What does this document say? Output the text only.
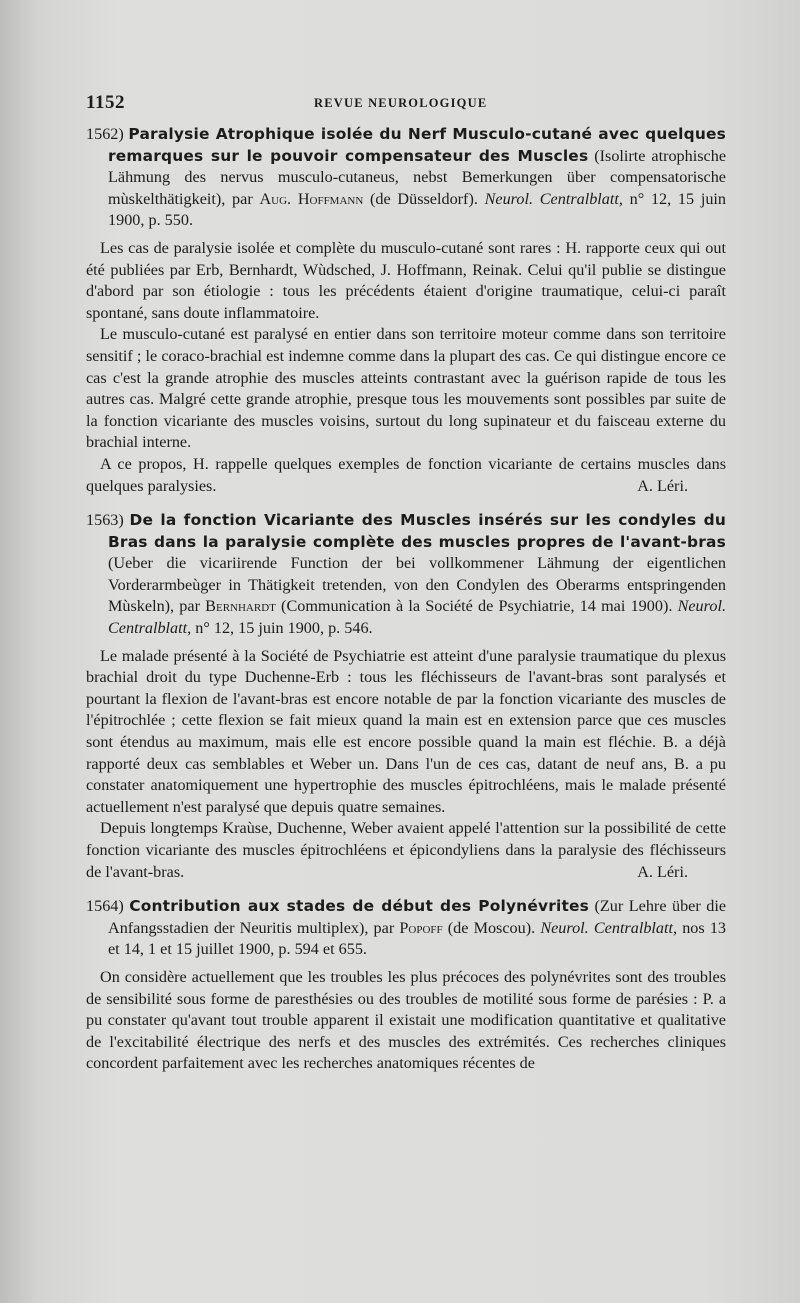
1152	REVUE NEUROLOGIQUE

1562) Paralysie Atrophique isolée du Nerf Musculo-cutané avec quelques remarques sur le pouvoir compensateur des Muscles (Isolirte atrophische Lähmung des nervus musculo-cutaneus, nebst Bemerkungen über compensatorische mùskelthätigkeit), par Aug. Hoffmann (de Düsseldorf). Neurol. Centralblatt, n° 12, 15 juin 1900, p. 550.

Les cas de paralysie isolée et complète du musculo-cutané sont rares : H. rapporte ceux qui out été publiées par Erb, Bernhardt, Wùdsched, J. Hoffmann, Reinak. Celui qu'il publie se distingue d'abord par son étiologie : tous les précédents étaient d'origine traumatique, celui-ci paraît spontané, sans doute inflammatoire.

Le musculo-cutané est paralysé en entier dans son territoire moteur comme dans son territoire sensitif ; le coraco-brachial est indemne comme dans la plupart des cas. Ce qui distingue encore ce cas c'est la grande atrophie des muscles atteints contrastant avec la guérison rapide de tous les autres cas. Malgré cette grande atrophie, presque tous les mouvements sont possibles par suite de la fonction vicariante des muscles voisins, surtout du long supinateur et du faisceau externe du brachial interne.

A ce propos, H. rappelle quelques exemples de fonction vicariante de certains muscles dans quelques paralysies.	A. Léri.

1563) De la fonction Vicariante des Muscles insérés sur les condyles du Bras dans la paralysie complète des muscles propres de l'avant-bras (Ueber die vicariirende Function der bei vollkommener Lähmung der eigentlichen Vorderarmbeùger in Thätigkeit tretenden, von den Condylen des Oberarms entspringenden Mùskeln), par Bernhardt (Communication à la Société de Psychiatrie, 14 mai 1900). Neurol. Centralblatt, n° 12, 15 juin 1900, p. 546.

Le malade présenté à la Société de Psychiatrie est atteint d'une paralysie traumatique du plexus brachial droit du type Duchenne-Erb : tous les fléchisseurs de l'avant-bras sont paralysés et pourtant la flexion de l'avant-bras est encore notable de par la fonction vicariante des muscles de l'épitrochlée ; cette flexion se fait mieux quand la main est en extension parce que ces muscles sont étendus au maximum, mais elle est encore possible quand la main est fléchie. B. a déjà rapporté deux cas semblables et Weber un. Dans l'un de ces cas, datant de neuf ans, B. a pu constater anatomiquement une hypertrophie des muscles épitrochléens, mais le malade présenté actuellement n'est paralysé que depuis quatre semaines.

Depuis longtemps Kraùse, Duchenne, Weber avaient appelé l'attention sur la possibilité de cette fonction vicariante des muscles épitrochléens et épicondyliens dans la paralysie des fléchisseurs de l'avant-bras.	A. Léri.

1564) Contribution aux stades de début des Polynévrites (Zur Lehre über die Anfangsstadien der Neuritis multiplex), par Popoff (de Moscou). Neurol. Centralblatt, nos 13 et 14, 1 et 15 juillet 1900, p. 594 et 655.

On considère actuellement que les troubles les plus précoces des polynévrites sont des troubles de sensibilité sous forme de paresthésies ou des troubles de motilité sous forme de parésies : P. a pu constater qu'avant tout trouble apparent il existait une modification quantitative et qualitative de l'excitabilité électrique des nerfs et des muscles des extrémités. Ces recherches cliniques concordent parfaitement avec les recherches anatomiques récentes de
